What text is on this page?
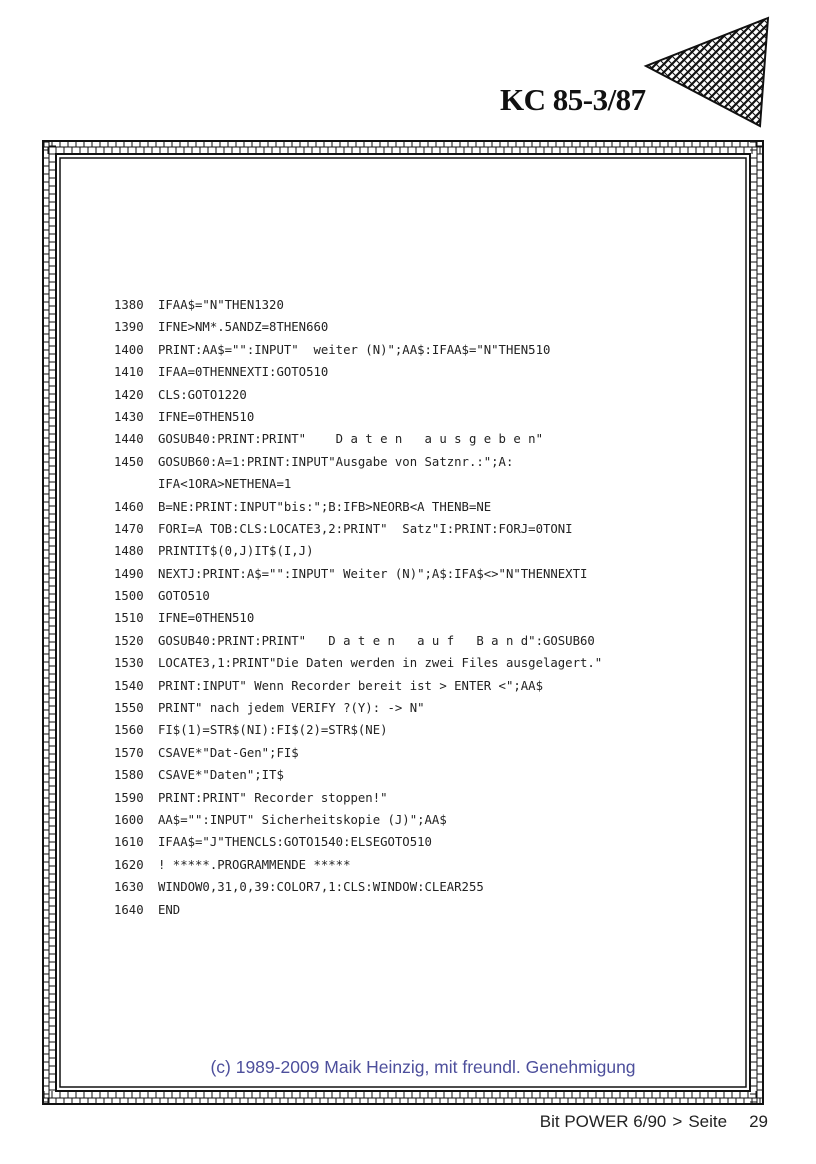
KC 85-3/87
1380	IFAA$="N"THEN1320
1390	IFNE>NM*.5ANDZ=8THEN660
1400	PRINT:AA$="":INPUT"  weiter (N)";AA$:IFAA$="N"THEN510
1410	IFAA=0THENNEXTI:GOTO510
1420	CLS:GOTO1220
1430	IFNE=0THEN510
1440	GOSUB40:PRINT:PRINT"    D a t e n   a u s g e b e n"
1450	GOSUB60:A=1:PRINT:INPUT"Ausgabe von Satznr.:";A:
IFA<1ORA>NETHENA=1
1460	B=NE:PRINT:INPUT"bis:";B:IFB>NEORB<A THENB=NE
1470	FORI=A TOB:CLS:LOCATE3,2:PRINT"  Satz"I:PRINT:FORJ=0TONI
1480	PRINTIT$(0,J)IT$(I,J)
1490	NEXTJ:PRINT:A$="":INPUT" Weiter (N)";A$:IFA$<>"N"THENNEXTI
1500	GOTO510
1510	IFNE=0THEN510
1520	GOSUB40:PRINT:PRINT"   D a t e n   a u f   B a n d":GOSUB60
1530	LOCATE3,1:PRINT"Die Daten werden in zwei Files ausgelagert."
1540	PRINT:INPUT" Wenn Recorder bereit ist > ENTER <";AA$
1550	PRINT" nach jedem VERIFY ?(Y): -> N"
1560	FI$(1)=STR$(NI):FI$(2)=STR$(NE)
1570	CSAVE*"Dat-Gen";FI$
1580	CSAVE*"Daten";IT$
1590	PRINT:PRINT" Recorder stoppen!"
1600	AA$="":INPUT" Sicherheitskopie (J)";AA$
1610	IFAA$="J"THENCLS:GOTO1540:ELSEGOTO510
1620	! *****.PROGRAMMENDE *****
1630	WINDOW0,31,0,39:COLOR7,1:CLS:WINDOW:CLEAR255
1640	END
(c) 1989-2009 Maik Heinzig, mit freundl. Genehmigung
Bit POWER 6/90 > Seite 29
